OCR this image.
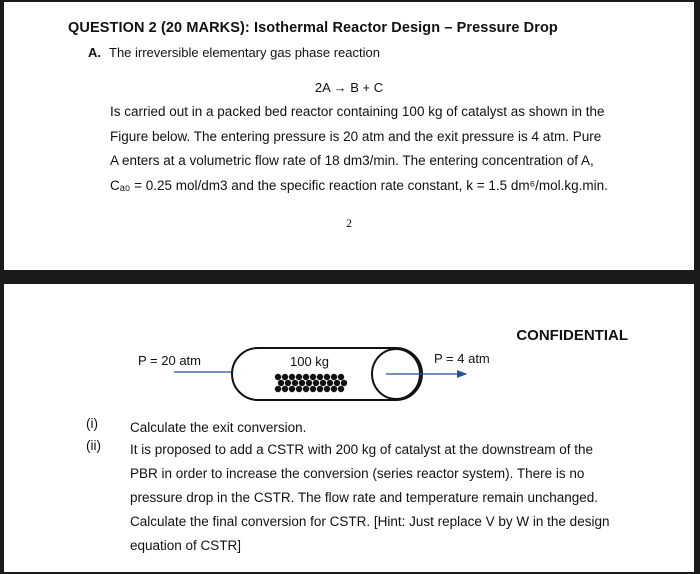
QUESTION 2 (20 MARKS): Isothermal Reactor Design – Pressure Drop
A. The irreversible elementary gas phase reaction
2A → B + C

Is carried out in a packed bed reactor containing 100 kg of catalyst as shown in the

Figure below. The entering pressure is 20 atm and the exit pressure is 4 atm. Pure

A enters at a volumetric flow rate of 18 dm3/min. The entering concentration of A,

Cₐ₀ = 0.25 mol/dm3 and the specific reaction rate constant, k = 1.5 dm⁶/mol.kg.min.

2
CONFIDENTIAL
P = 20 atm	100 kg	P = 4 atm
(i) Calculate the exit conversion.

(ii) It is proposed to add a CSTR with 200 kg of catalyst at the downstream of the

PBR in order to increase the conversion (series reactor system). There is no

pressure drop in the CSTR. The flow rate and temperature remain unchanged.

Calculate the final conversion for CSTR. [Hint: Just replace V by W in the design

equation of CSTR]
